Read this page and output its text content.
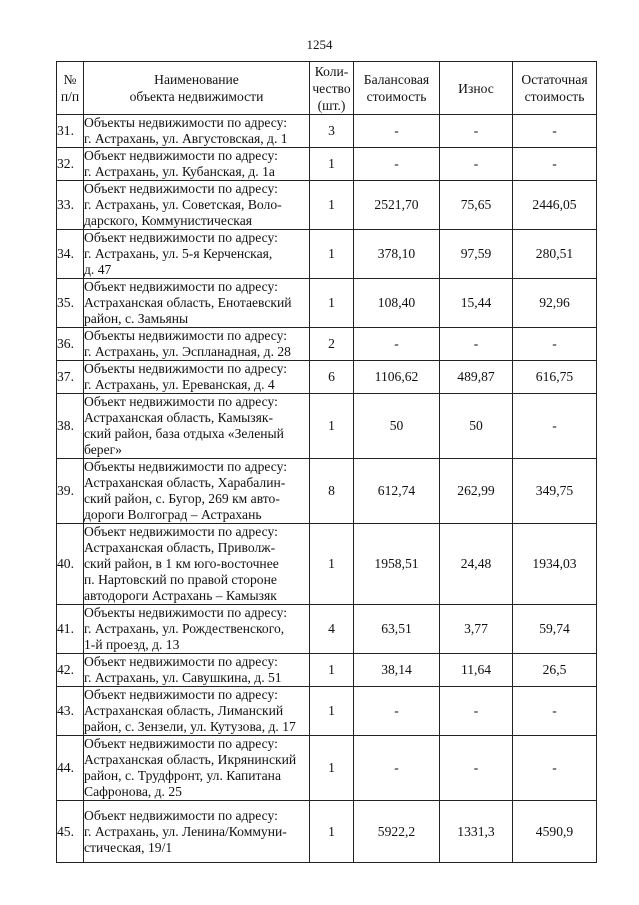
1254
№
п/п	Наименование
объекта недвижимости	Коли-
чество
(шт.)	Балансовая
стоимость	Износ	Остаточная
стоимость
31.	Объекты недвижимости по адресу:
г. Астрахань, ул. Августовская, д. 1	3	-	-	-
32.	Объект недвижимости по адресу:
г. Астрахань, ул. Кубанская, д. 1а	1	-	-	-
33.	Объект недвижимости по адресу:
г. Астрахань, ул. Советская, Воло-
дарского, Коммунистическая	1	2521,70	75,65	2446,05
34.	Объект недвижимости по адресу:
г. Астрахань, ул. 5-я Керченская,
д. 47	1	378,10	97,59	280,51
35.	Объект недвижимости по адресу:
Астраханская область, Енотаевский
район, с. Замьяны	1	108,40	15,44	92,96
36.	Объекты недвижимости по адресу:
г. Астрахань, ул. Эспланадная, д. 28	2	-	-	-
37.	Объекты недвижимости по адресу:
г. Астрахань, ул. Ереванская, д. 4	6	1106,62	489,87	616,75
38.	Объект недвижимости по адресу:
Астраханская область, Камызяк-
ский район, база отдыха «Зеленый
берег»	1	50	50	-
39.	Объекты недвижимости по адресу:
Астраханская область, Харабалин-
ский район, с. Бугор, 269 км авто-
дороги Волгоград – Астрахань	8	612,74	262,99	349,75
40.	Объект недвижимости по адресу:
Астраханская область, Приволж-
ский район, в 1 км юго-восточнее
п. Нартовский по правой стороне
автодороги Астрахань – Камызяк	1	1958,51	24,48	1934,03
41.	Объекты недвижимости по адресу:
г. Астрахань, ул. Рождественского,
1-й проезд, д. 13	4	63,51	3,77	59,74
42.	Объект недвижимости по адресу:
г. Астрахань, ул. Савушкина, д. 51	1	38,14	11,64	26,5
43.	Объект недвижимости по адресу:
Астраханская область, Лиманский
район, с. Зензели, ул. Кутузова, д. 17	1	-	-	-
44.	Объект недвижимости по адресу:
Астраханская область, Икрянинский
район, с. Трудфронт, ул. Капитана
Сафронова, д. 25	1	-	-	-
45.	Объект недвижимости по адресу:
г. Астрахань, ул. Ленина/Коммуни-
стическая, 19/1	1	5922,2	1331,3	4590,9
